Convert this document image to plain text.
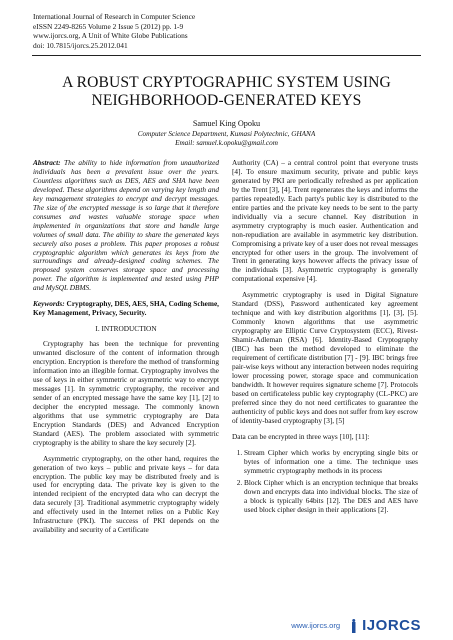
International Journal of Research in Computer Science
eISSN 2249-8265 Volume 2 Issue 5 (2012) pp. 1-9
www.ijorcs.org, A Unit of White Globe Publications
doi: 10.7815/ijorcs.25.2012.041
A ROBUST CRYPTOGRAPHIC SYSTEM USING
NEIGHBORHOOD-GENERATED KEYS
Samuel King Opoku
Computer Science Department, Kumasi Polytechnic, GHANA
Email: samuel.k.opoku@gmail.com

Abstract: The ability to hide information from unauthorized individuals has been a prevalent issue over the years. Countless algorithms such as DES, AES and SHA have been developed. These algorithms depend on varying key length and key management strategies to encrypt and decrypt messages. The size of the encrypted message is so large that it therefore consumes and wastes valuable storage space when implemented in organizations that store and handle large volumes of small data. The ability to share the generated keys securely also poses a problem. This paper proposes a robust cryptographic algorithm which generates its keys from the surroundings and already-designed coding schemes. The proposed system conserves storage space and processing power. The algorithm is implemented and tested using PHP and MySQL DBMS.

Keywords: Cryptography, DES, AES, SHA, Coding Scheme, Key Management, Privacy, Security.

I. INTRODUCTION

Cryptography has been the technique for preventing unwanted disclosure of the content of information through encryption. Encryption is therefore the method of transforming information into an illegible format. Cryptography involves the use of keys in either symmetric or asymmetric way to encrypt messages [1]. In symmetric cryptography, the receiver and sender of an encrypted message have the same key [1], [2] to decipher the encrypted message. The commonly known algorithms that use symmetric cryptography are Data Encryption Standards (DES) and Advanced Encryption Standard (AES). The problem associated with symmetric cryptography is the ability to share the key securely [2].

Asymmetric cryptography, on the other hand, requires the generation of two keys – public and private keys – for data encryption. The public key may be distributed freely and is used for encrypting data. The private key is given to the intended recipient of the encrypted data who can decrypt the data securely [3]. Traditional asymmetric cryptography widely and effectively used in the Internet relies on a Public Key Infrastructure (PKI). The success of PKI depends on the availability and security of a Certificate

Authority (CA) – a central control point that everyone trusts [4]. To ensure maximum security, private and public keys generated by PKI are periodically refreshed as per application by the Trent [3], [4]. Trent regenerates the keys and informs the parties repeatedly. Each party's public key is distributed to the entire parties and the private key needs to be sent to the party individually via a secure channel. Key distribution in asymmetry cryptography is much easier. Authentication and non-repudiation are available in asymmetric key distribution. Compromising a private key of a user does not reveal messages encrypted for other users in the group. The involvement of Trent in generating keys however affects the privacy issue of the individuals [3]. Asymmetric cryptography is generally computational expensive [4].

Asymmetric cryptography is used in Digital Signature Standard (DSS), Password authenticated key agreement technique and with key distribution algorithms [1], [3], [5]. Commonly known algorithms that use asymmetric cryptography are Elliptic Curve Cryptosystem (ECC), Rivest-Shamir-Adleman (RSA) [6]. Identity-Based Cryptography (IBC) has been the method developed to eliminate the requirement of certificate distribution [7] - [9]. IBC brings free pair-wise keys without any interaction between nodes requiring lower processing power, storage space and communication bandwidth. It however requires signature scheme [7]. Protocols based on certificateless public key cryptography (CL-PKC) are preferred since they do not need certificates to guarantee the authenticity of public keys and does not suffer from key escrow of identity-based cryptography [3], [5]

Data can be encrypted in three ways [10], [11]:

1. Stream Cipher which works by encrypting single bits or bytes of information one a time. The technique uses symmetric cryptography methods in its process
2. Block Cipher which is an encryption technique that breaks down and encrypts data into individual blocks. The size of a block is typically 64bits [12]. The DES and AES have used block cipher design in their applications [2].
www.ijorcs.org IJORCS
